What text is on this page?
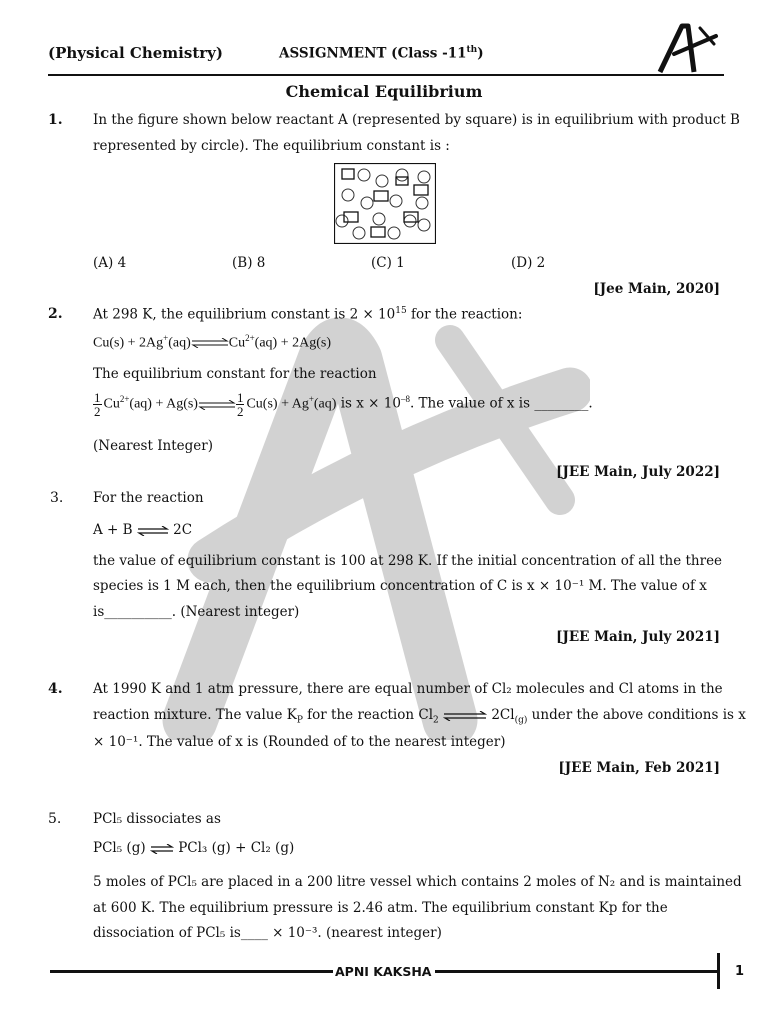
(Physical Chemistry)	ASSIGNMENT (Class -11th)
Chemical Equilibrium
1. In the figure shown below reactant A (represented by square) is in equilibrium with product B
represented by circle). The equilibrium constant is :
(A) 4	(B) 8	(C) 1	(D) 2
[Jee Main, 2020]
2. At 298 K, the equilibrium constant is $2 \times 10^{15}$ for the reaction:
$Cu(s) + 2Ag^+(aq)\rightleftharpoons Cu^{2+}(aq) + 2Ag(s)$
The equilibrium constant for the reaction
$\frac{1}{2} Cu^{2+}(aq)$ + Ag(s)⇌ $\frac{1}{2} Cu(s) + Ag^+(aq)$ is $x \times 10^{-8}$. The value of x is ________.
(Nearest Integer)
[JEE Main, July 2022]
3. For the reaction
A + B ⇌ 2C
the value of equilibrium constant is 100 at 298 K. If the initial concentration of all the three
species is 1 M each, then the equilibrium concentration of C is x × 10⁻¹ M. The value of x
is__________. (Nearest integer)
[JEE Main, July 2021]
4. At 1990 K and 1 atm pressure, there are equal number of Cl₂ molecules and Cl atoms in the
reaction mixture. The value $K_P$ for the reaction $Cl_2$ ⇌ $2Cl_{(g)}$ under the above conditions is x
× 10⁻¹. The value of x is (Rounded of to the nearest integer)
[JEE Main, Feb 2021]
5. PCl₅ dissociates as
PCl₅ (g) ⇌ PCl₃ (g) + Cl₂ (g)
5 moles of PCl₅ are placed in a 200 litre vessel which contains 2 moles of N₂ and is maintained
at 600 K. The equilibrium pressure is 2.46 atm. The equilibrium constant Kp for the
dissociation of PCl₅ is____ × 10⁻³. (nearest integer)
APNI KAKSHA	1
